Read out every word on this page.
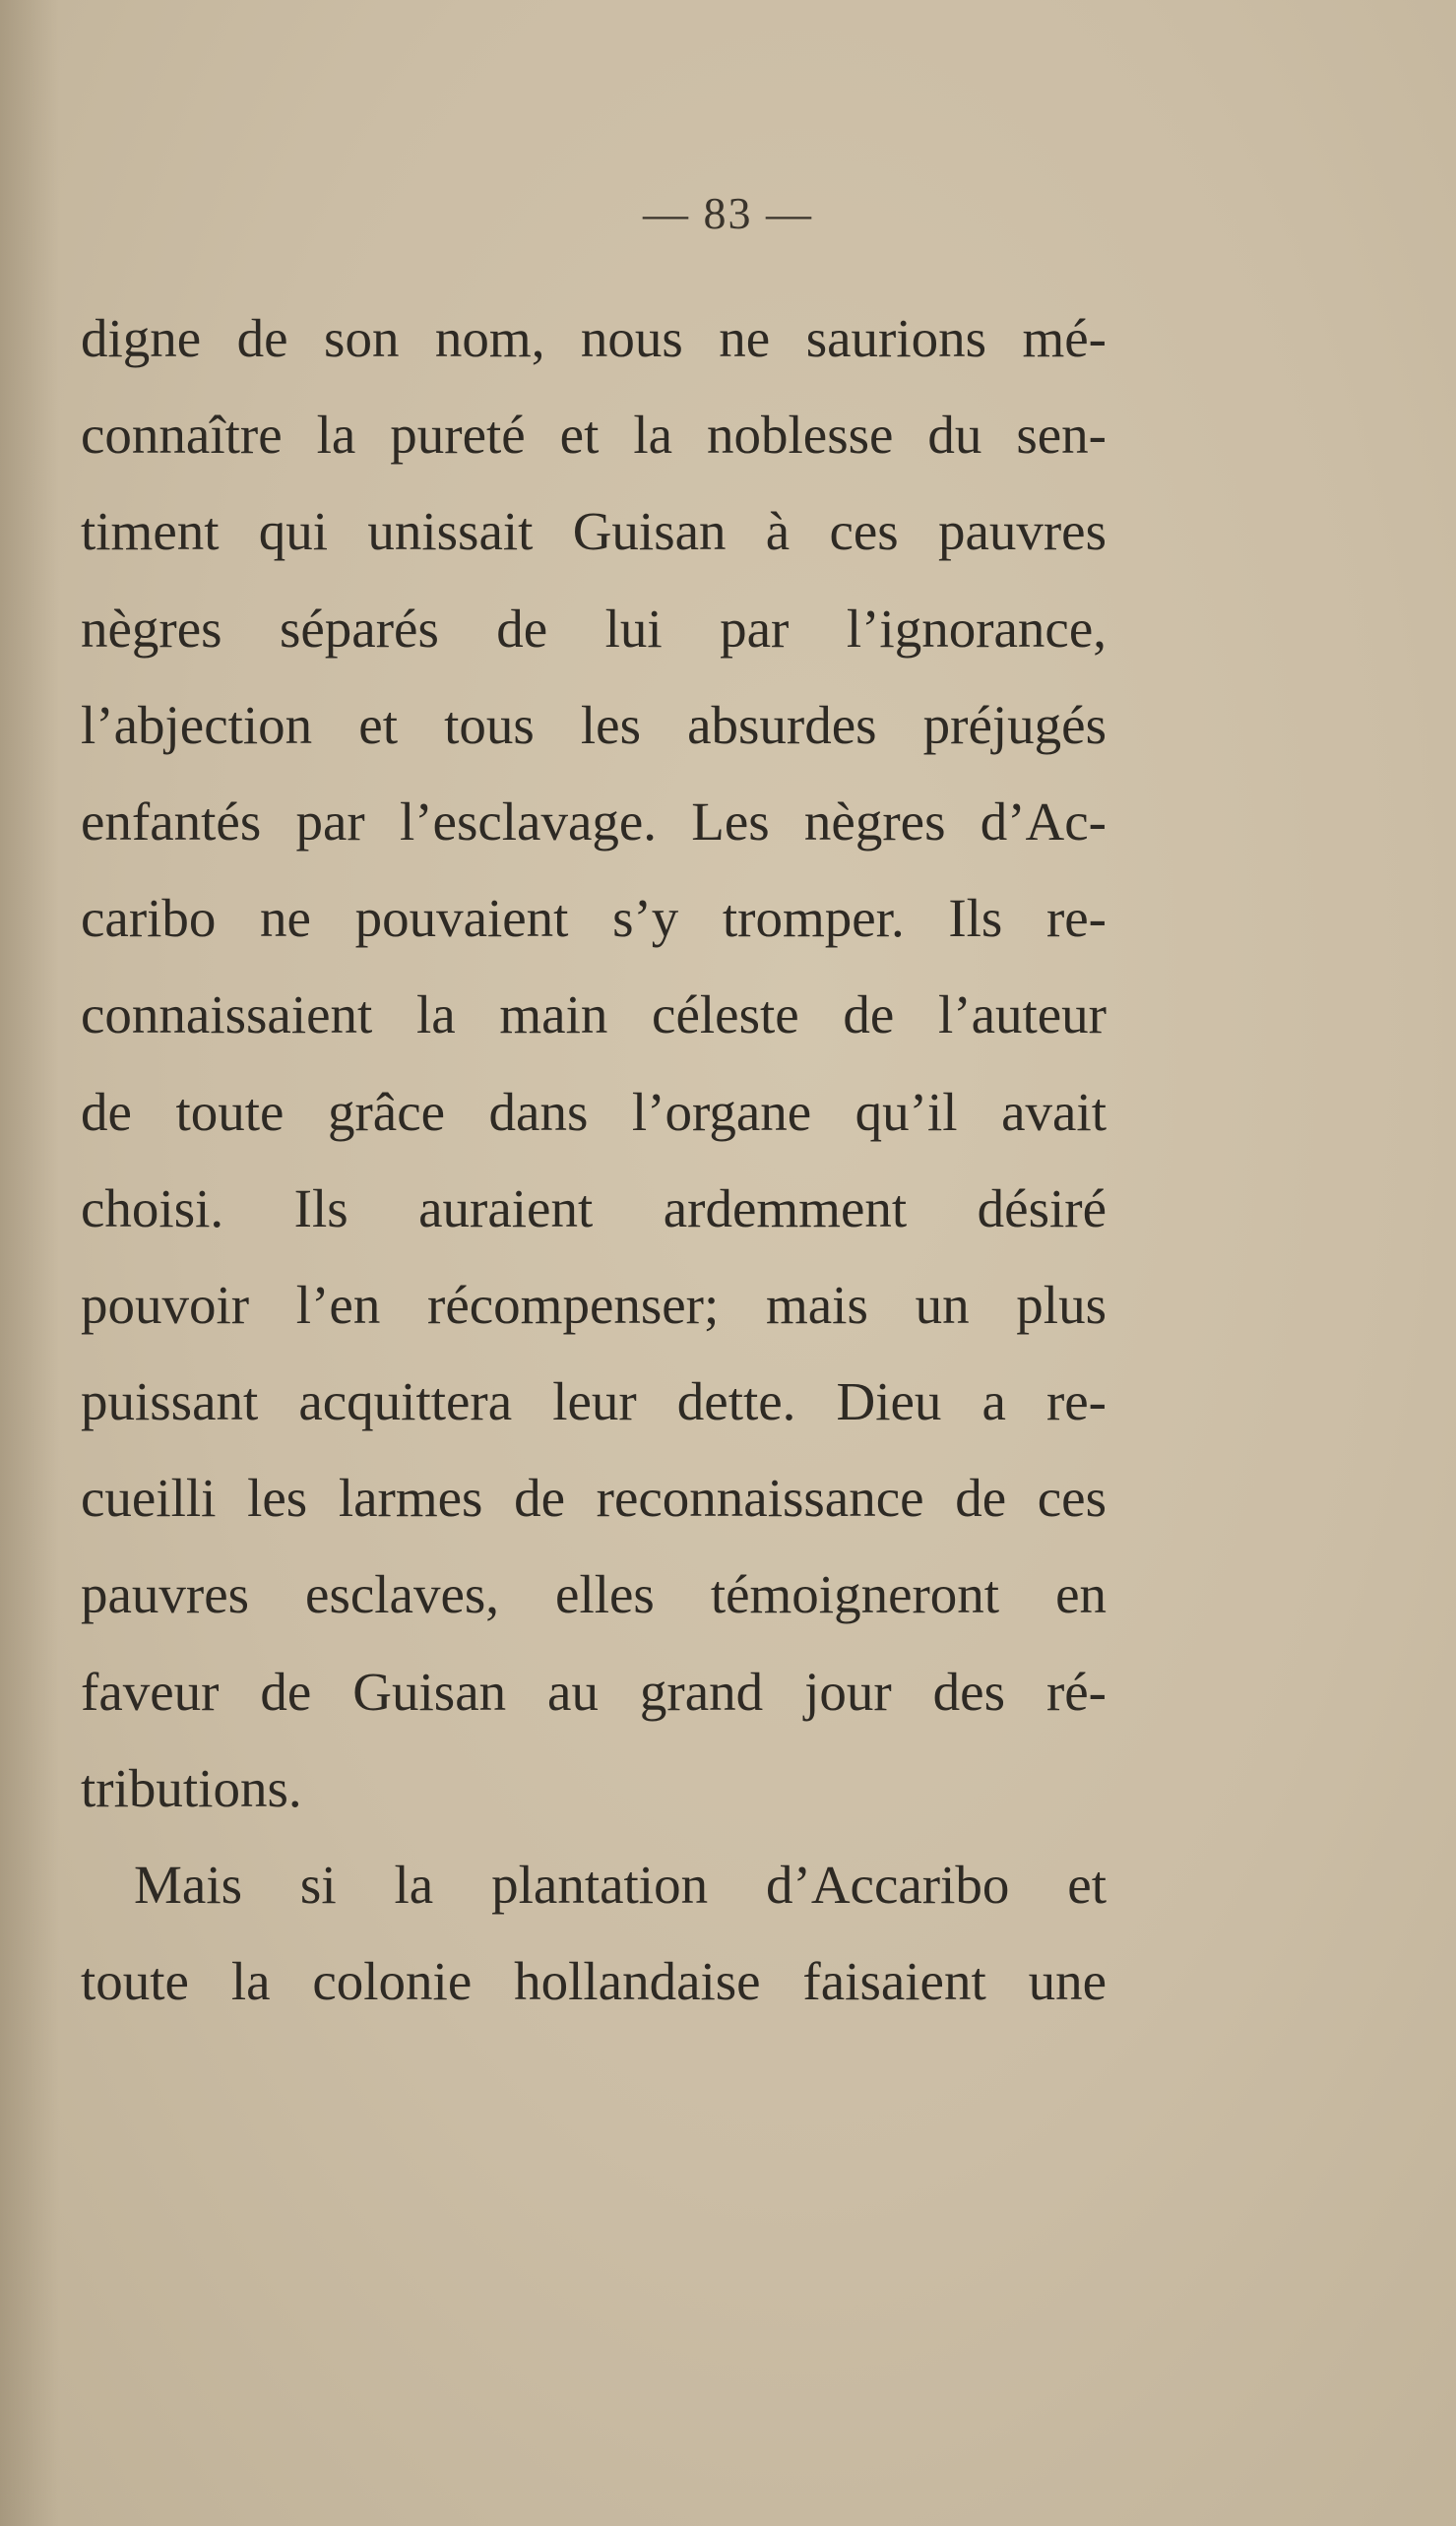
— 83 —
digne de son nom, nous ne saurions mé-
connaître la pureté et la noblesse du sen-
timent qui unissait Guisan à ces pauvres
nègres séparés de lui par l’ignorance,
l’abjection et tous les absurdes préjugés
enfantés par l’esclavage. Les nègres d’Ac-
caribo ne pouvaient s’y tromper. Ils re-
connaissaient la main céleste de l’auteur
de toute grâce dans l’organe qu’il avait
choisi. Ils auraient ardemment désiré
pouvoir l’en récompenser; mais un plus
puissant acquittera leur dette. Dieu a re-
cueilli les larmes de reconnaissance de ces
pauvres esclaves, elles témoigneront en
faveur de Guisan au grand jour des ré-
tributions.
Mais si la plantation d’Accaribo et
toute la colonie hollandaise faisaient une
